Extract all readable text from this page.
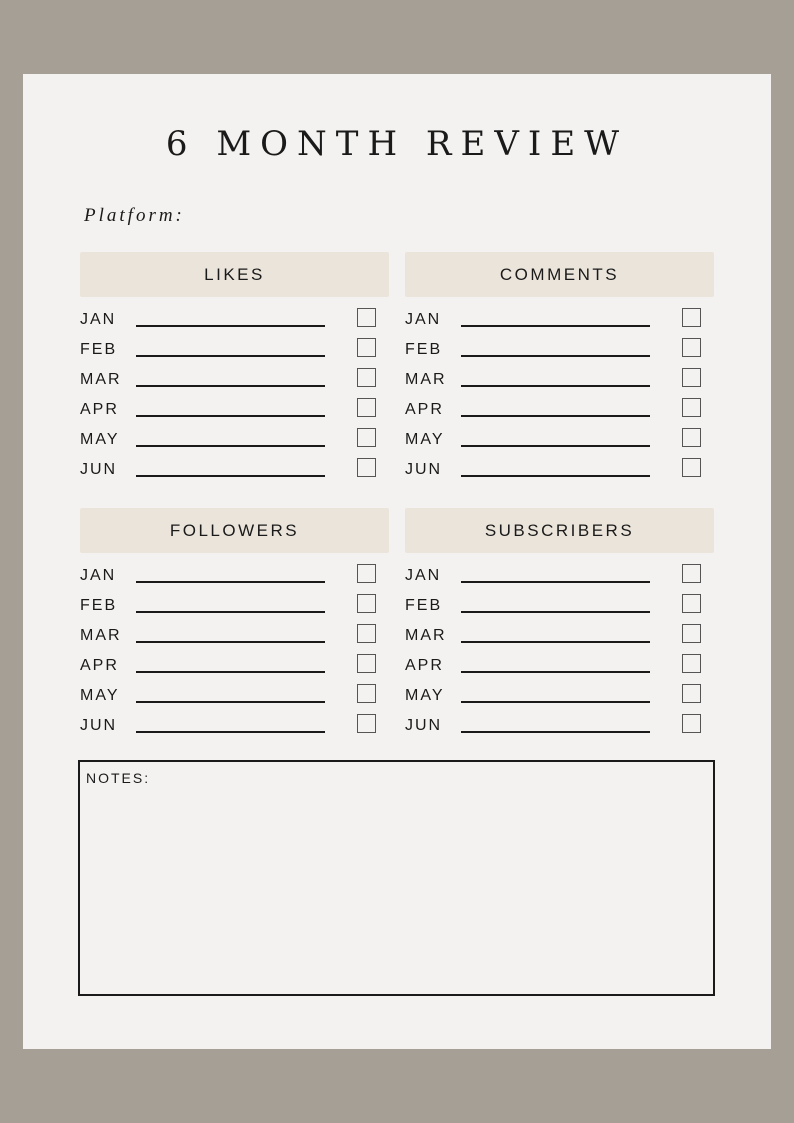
6 MONTH REVIEW
Platform:
LIKES
JAN
FEB
MAR
APR
MAY
JUN
COMMENTS
JAN
FEB
MAR
APR
MAY
JUN
FOLLOWERS
JAN
FEB
MAR
APR
MAY
JUN
SUBSCRIBERS
JAN
FEB
MAR
APR
MAY
JUN
NOTES:
